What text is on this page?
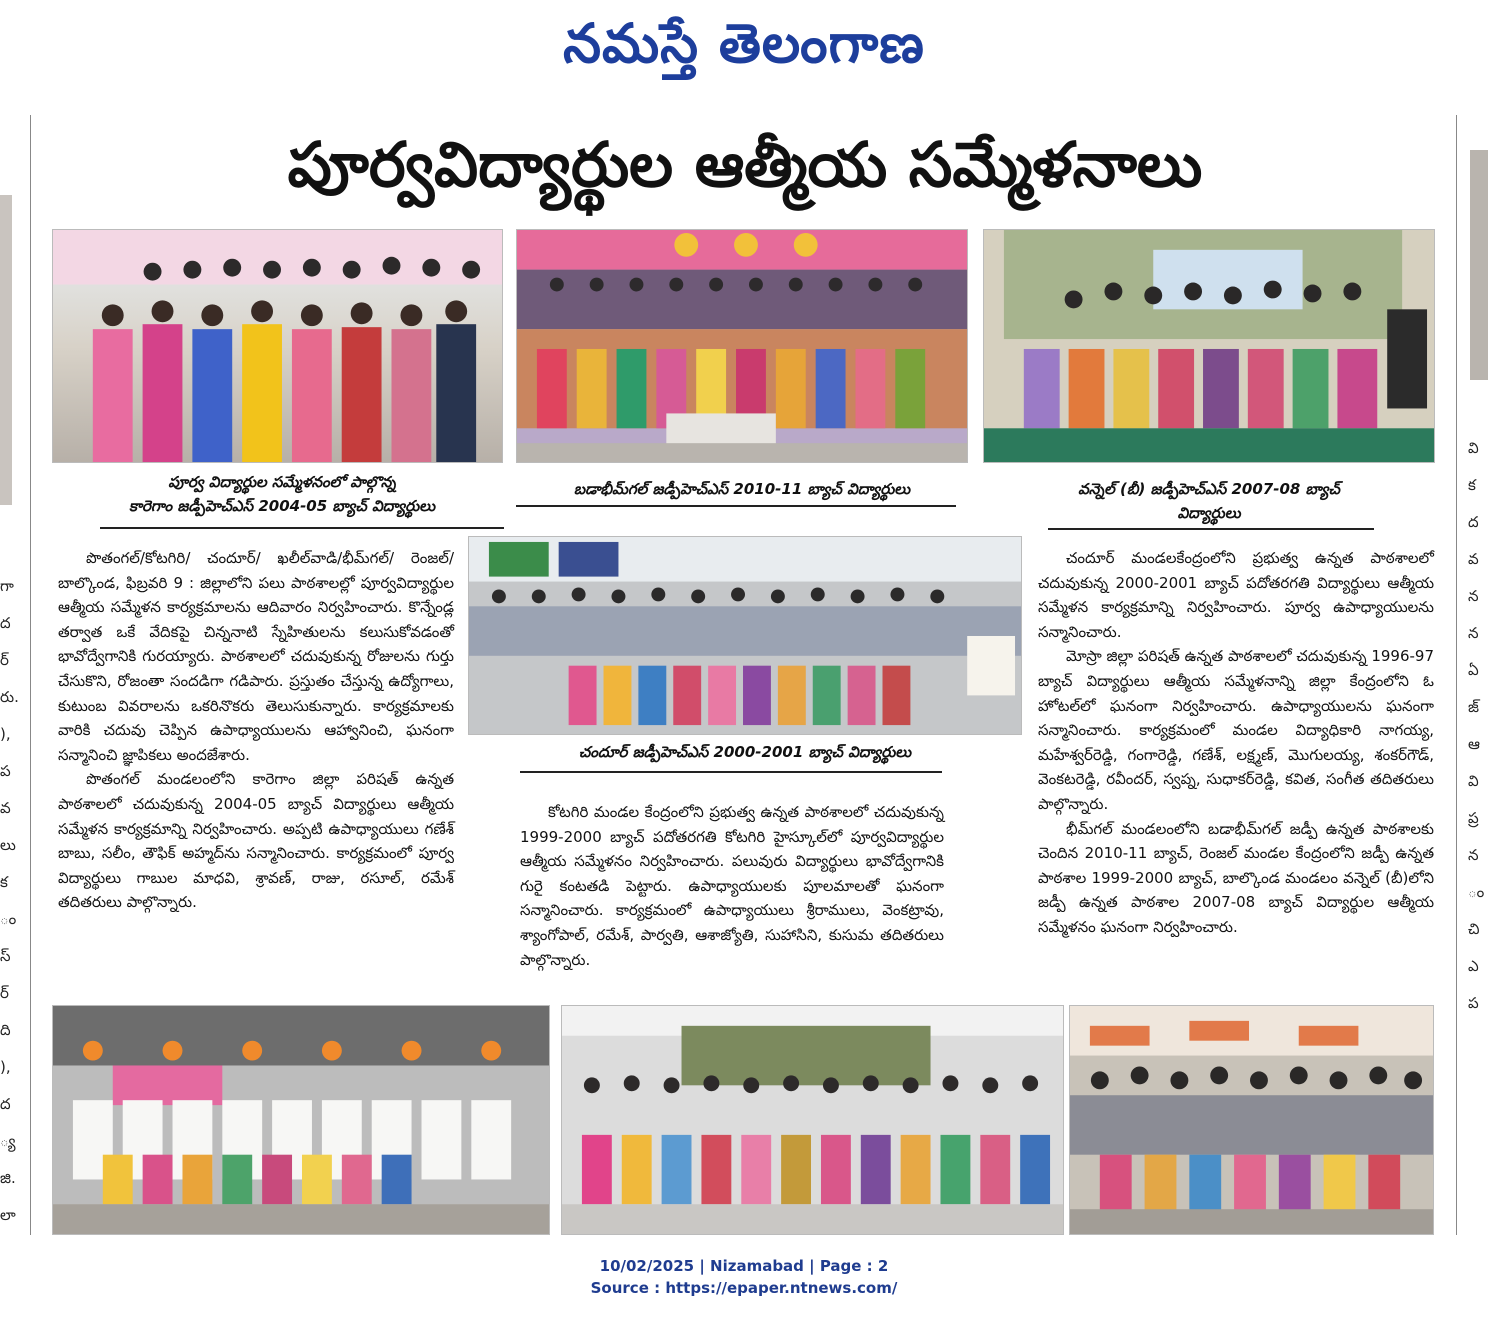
నమస్తే తెలంగాణ
గా
ద
ర్
రు.
),
ప
వ
లు
క
ం
స్
ర్
ది
),
ద
్య
జి.
లా
వి
క
ద
వ
న
న
ఏ
జ్
ఆ
వి
ప్ర
న
ం
చి
ఎ
ప
పూర్వవిద్యార్థుల ఆత్మీయ సమ్మేళనాలు
పూర్వ విద్యార్థుల సమ్మేళనంలో పాల్గొన్న
కారెగాం జడ్పీహెచ్ఎస్ 2004-05 బ్యాచ్ విద్యార్థులు
బడాభీమ్‌గల్ జడ్పీహెచ్ఎస్ 2010-11 బ్యాచ్ విద్యార్థులు	వన్నెల్ (బీ) జడ్పీహెచ్ఎస్ 2007-08 బ్యాచ్
విద్యార్థులు
చందూర్ జడ్పీహెచ్ఎస్ 2000-2001 బ్యాచ్ విద్యార్థులు

పొతంగల్/కోటగిరి/ చందూర్/ ఖలీల్‌వాడి/భీమ్‌గల్/ రెంజల్/బాల్కొండ, ఫిబ్రవరి 9 : జిల్లాలోని పలు పాఠశాలల్లో పూర్వవిద్యార్థుల ఆత్మీయ సమ్మేళన కార్యక్రమాలను ఆదివారం నిర్వహించారు. కొన్నేండ్ల తర్వాత ఒకే వేదికపై చిన్ననాటి స్నేహితులను కలుసుకోవడంతో భావోద్వేగానికి గురయ్యారు. పాఠశాలలో చదువుకున్న రోజులను గుర్తు చేసుకొని, రోజంతా సందడిగా గడిపారు. ప్రస్తుతం చేస్తున్న ఉద్యోగాలు, కుటుంబ వివరాలను ఒకరినొకరు తెలుసుకున్నారు. కార్యక్రమాలకు వారికి చదువు చెప్పిన ఉపాధ్యాయులను ఆహ్వానించి, ఘనంగా సన్మానించి జ్ఞాపికలు అందజేశారు.

పొతంగల్ మండలంలోని కారెగాం జిల్లా పరిషత్ ఉన్నత పాఠశాలలో చదువుకున్న 2004-05 బ్యాచ్ విద్యార్థులు ఆత్మీయ సమ్మేళన కార్యక్రమాన్ని నిర్వహించారు. అప్పటి ఉపాధ్యాయులు గణేశ్ బాబు, సలీం, తౌఫిక్ అహ్మద్‌ను సన్మానించారు. కార్యక్రమంలో పూర్వ విద్యార్థులు గాబుల మాధవి, శ్రావణ్, రాజు, రసూల్, రమేశ్ తదితరులు పాల్గొన్నారు.

కోటగిరి మండల కేంద్రంలోని ప్రభుత్వ ఉన్నత పాఠశాలలో చదువుకున్న 1999-2000 బ్యాచ్ పదోతరగతి కోటగిరి హైస్కూల్‌లో పూర్వవిద్యార్థుల ఆత్మీయ సమ్మేళనం నిర్వహించారు. పలువురు విద్యార్థులు భావోద్వేగానికి గురై కంటతడి పెట్టారు. ఉపాధ్యాయులకు పూలమాలతో ఘనంగా సన్మానించారు. కార్యక్రమంలో ఉపాధ్యాయులు శ్రీరాములు, వెంకట్రావు, శ్యాంగోపాల్, రమేశ్, పార్వతి, ఆశాజ్యోతి, సుహాసిని, కుసుమ తదితరులు పాల్గొన్నారు.

చందూర్ మండలకేంద్రంలోని ప్రభుత్వ ఉన్నత పాఠశాలలో చదువుకున్న 2000-2001 బ్యాచ్ పదోతరగతి విద్యార్థులు ఆత్మీయ సమ్మేళన కార్యక్రమాన్ని నిర్వహించారు. పూర్వ ఉపాధ్యాయులను సన్మానించారు.

మోస్రా జిల్లా పరిషత్ ఉన్నత పాఠశాలలో చదువుకున్న 1996-97 బ్యాచ్ విద్యార్థులు ఆత్మీయ సమ్మేళనాన్ని జిల్లా కేంద్రంలోని ఓ హోటల్‌లో ఘనంగా నిర్వహించారు. ఉపాధ్యాయులను ఘనంగా సన్మానించారు. కార్యక్రమంలో మండల విద్యాధికారి నాగయ్య, మహేశ్వర్‌రెడ్డి, గంగారెడ్డి, గణేశ్, లక్ష్మణ్, మొగులయ్య, శంకర్‌గౌడ్, వెంకటరెడ్డి, రవీందర్, స్వప్న, సుధాకర్‌రెడ్డి, కవిత, సంగీత తదితరులు పాల్గొన్నారు.

భీమ్‌గల్ మండలంలోని బడాభీమ్‌గల్ జడ్పీ ఉన్నత పాఠశాలకు చెందిన 2010-11 బ్యాచ్, రెంజల్ మండల కేంద్రంలోని జడ్పీ ఉన్నత పాఠశాల 1999-2000 బ్యాచ్, బాల్కొండ మండలం వన్నెల్ (బీ)లోని జడ్పీ ఉన్నత పాఠశాల 2007-08 బ్యాచ్ విద్యార్థుల ఆత్మీయ సమ్మేళనం ఘనంగా నిర్వహించారు.

10/02/2025 | Nizamabad | Page : 2
Source : https://epaper.ntnews.com/
